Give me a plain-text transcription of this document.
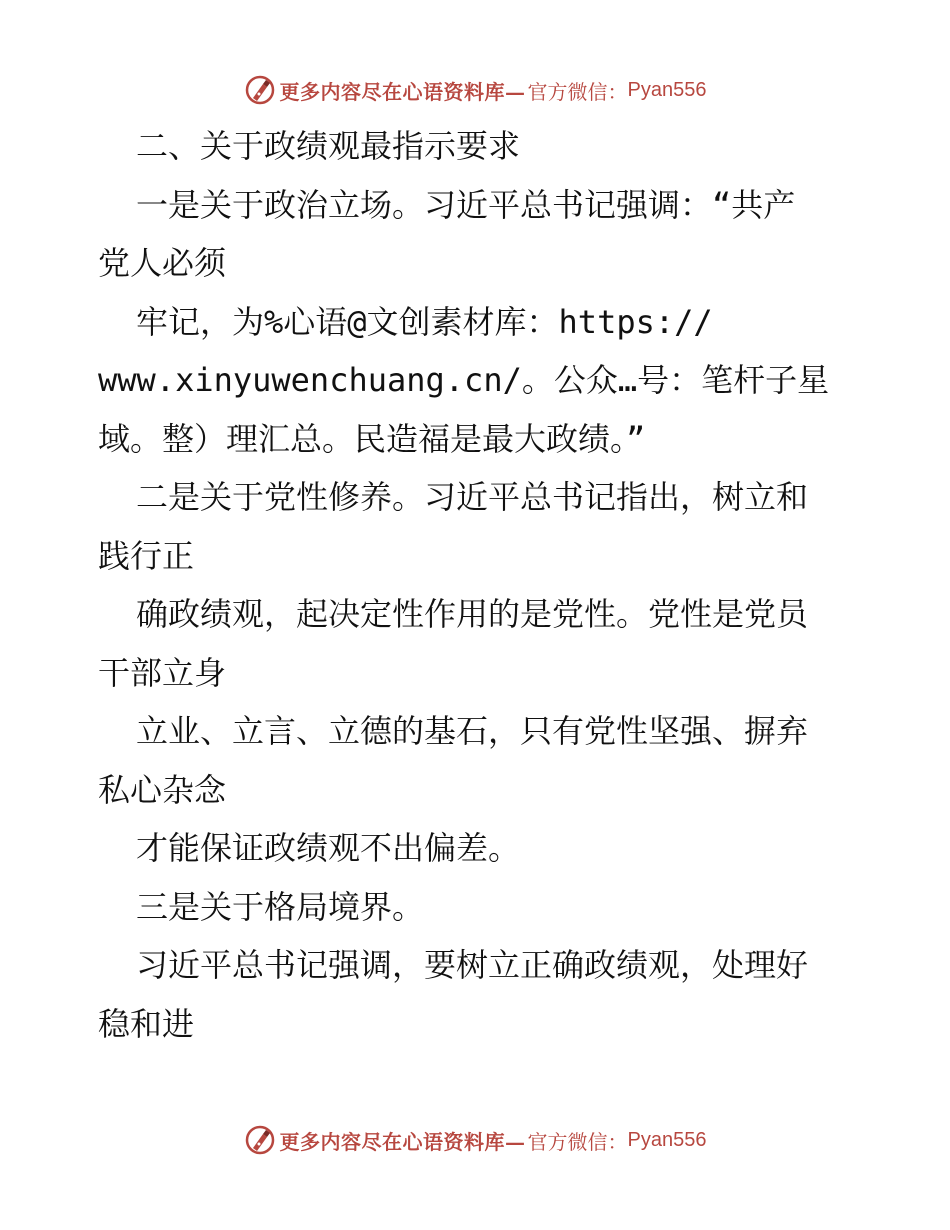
更多内容尽在心语资料库— 官方微信： Pyan556
二、关于政绩观最指示要求
一是关于政治立场。习近平总书记强调：“共产
党人必须
牢记，为%心语@文创素材库：https://
www.xinyuwenchuang.cn/。公众…号：笔杆子星
域。整）理汇总。民造福是最大政绩。”
二是关于党性修养。习近平总书记指出，树立和
践行正
确政绩观，起决定性作用的是党性。党性是党员
干部立身
立业、立言、立德的基石，只有党性坚强、摒弃
私心杂念
才能保证政绩观不出偏差。
三是关于格局境界。
习近平总书记强调，要树立正确政绩观，处理好
稳和进
更多内容尽在心语资料库— 官方微信： Pyan556
